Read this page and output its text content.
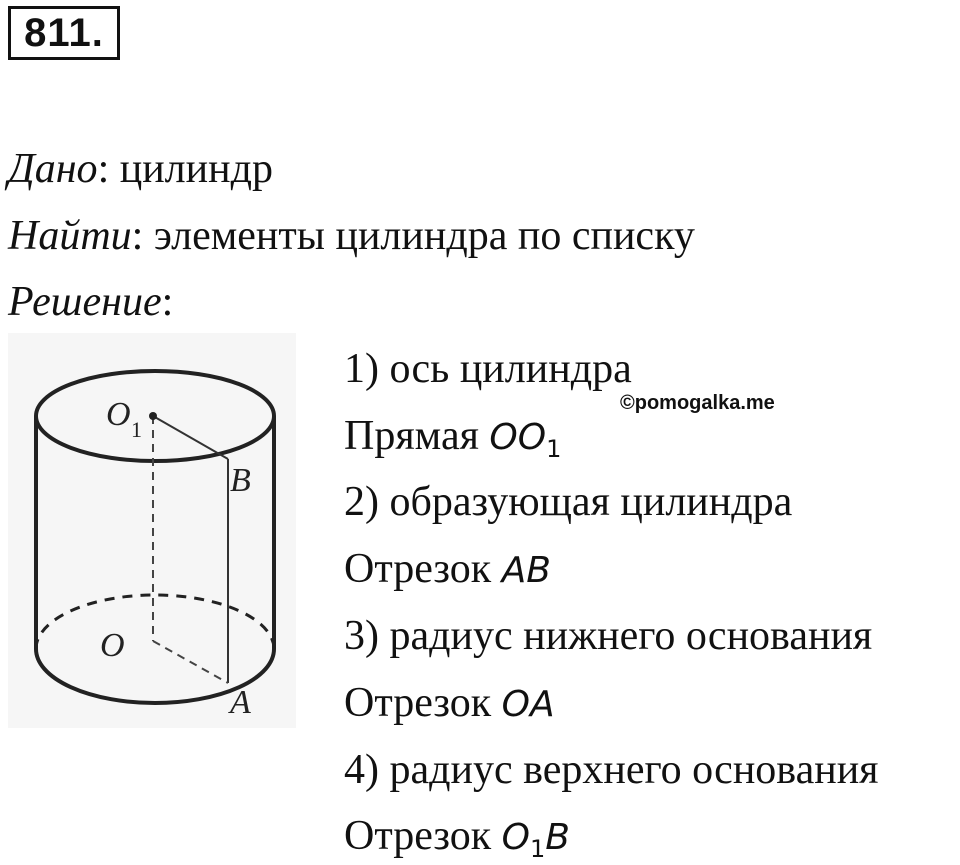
811.
Дано: цилиндр
Найти: элементы цилиндра по списку
Решение:
O 1
B
O
A
©pomogalka.me
1) ось цилиндра
Прямая $OO_1$
2) образующая цилиндра
Отрезок AB
3) радиус нижнего основания
Отрезок OA
4) радиус верхнего основания
Отрезок $O_1B$
